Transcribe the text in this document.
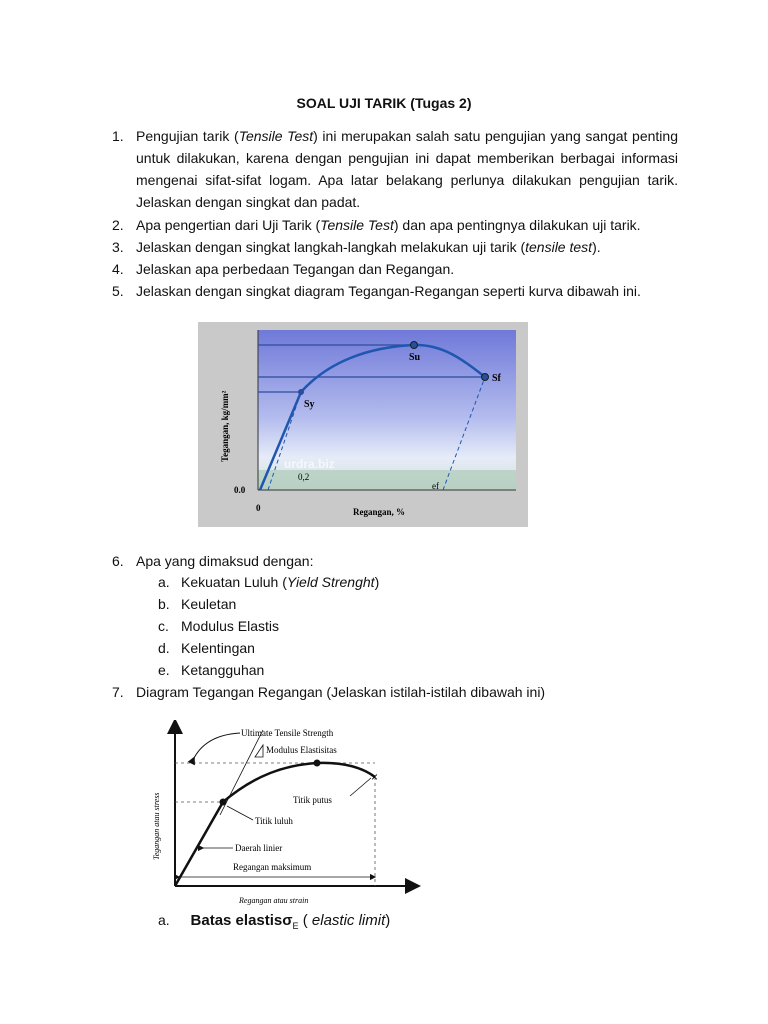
SOAL UJI TARIK (Tugas 2)
1. Pengujian tarik (Tensile Test) ini merupakan salah satu pengujian yang sangat penting untuk dilakukan, karena dengan pengujian ini dapat memberikan berbagai informasi mengenai sifat-sifat logam. Apa latar belakang perlunya dilakukan pengujian tarik. Jelaskan dengan singkat dan padat.
2. Apa pengertian dari Uji Tarik (Tensile Test) dan apa pentingnya dilakukan uji tarik.
3. Jelaskan dengan singkat langkah-langkah melakukan uji tarik (tensile test).
4. Jelaskan apa perbedaan Tegangan dan Regangan.
5. Jelaskan dengan singkat diagram Tegangan-Regangan seperti kurva dibawah ini.
Su
Sf
Sy
0,2
ef
urdra.biz
0.0
0	Regangan, %
Tegangan, kg/mm²
6. Apa yang dimaksud dengan:
a. Kekuatan Luluh (Yield Strenght)
b. Keuletan
c. Modulus Elastis
d. Kelentingan
e. Ketangguhan
7. Diagram Tegangan Regangan (Jelaskan istilah-istilah dibawah ini)
×
Ultimate Tensile Strength
Modulus Elastisitas
Titik putus
Titik luluh
Daerah linier
Regangan maksimum
Regangan atau strain
Tegangan atau stress
a. Batas elastisσ$_E$ ( elastic limit)
